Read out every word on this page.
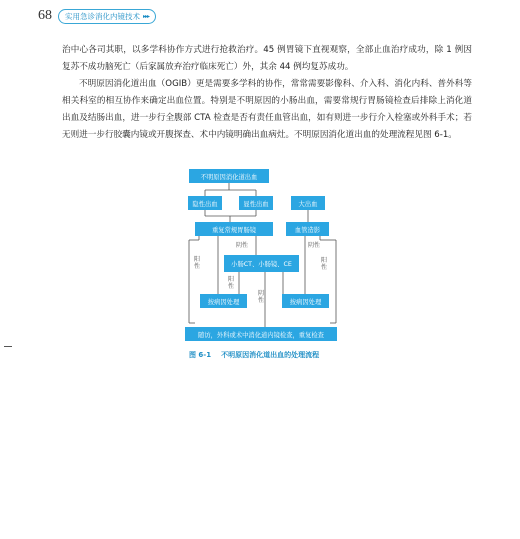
68 实用急诊消化内镜技术 ▸▸▸

治中心各司其职，以多学科协作方式进行抢救治疗。45 例胃镜下直视观察，全部止血治疗成功，除 1 例因复苏不成功脑死亡（后家属放弃治疗临床死亡）外，其余 44 例均复苏成功。

不明原因消化道出血（OGIB）更是需要多学科的协作，常常需要影像科、介入科、消化内科、普外科等相关科室的相互协作来确定出血位置。特别是不明原因的小肠出血，需要常规行胃肠镜检查后排除上消化道出血及结肠出血，进一步行全腹部 CTA 检查是否有责任血管出血，如有则进一步行介入栓塞或外科手术；若无则进一步行胶囊内镜或开腹探查、术中内镜明确出血病灶。不明原因消化道出血的处理流程见图 6-1。

不明原因消化道出血
隐性出血	显性出血	大出血
重复常规胃肠镜	血管造影
小肠CT、小肠镜、CE
按病因处理	按病因处理
随访，外科或术中消化道内镜检查，重复检查
阴性
阳性
阳性
阴性
阴性
阳性
图 6-1 不明原因消化道出血的处理流程
